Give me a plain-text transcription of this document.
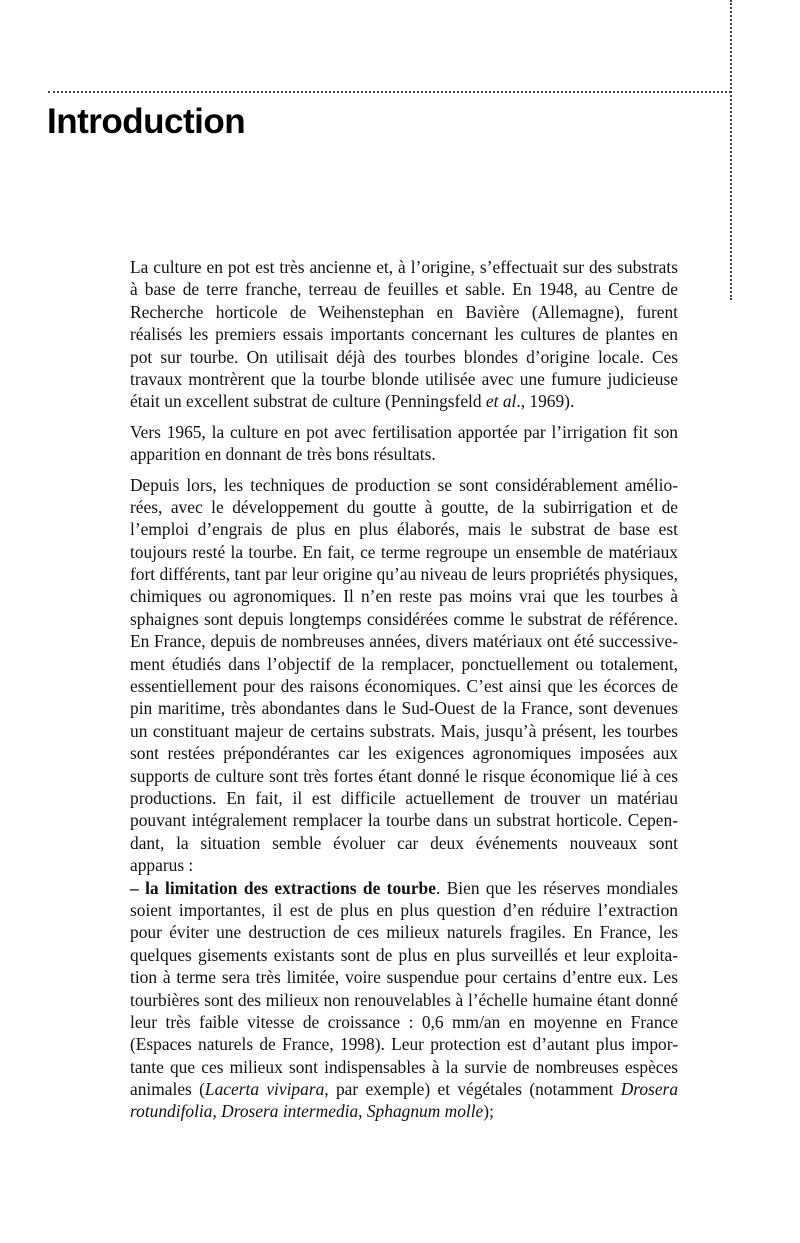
Introduction
La culture en pot est très ancienne et, à l’origine, s’effectuait sur des substrats
à base de terre franche, terreau de feuilles et sable. En 1948, au Centre de
Recherche horticole de Weihenstephan en Bavière (Allemagne), furent
réalisés les premiers essais importants concernant les cultures de plantes en
pot sur tourbe. On utilisait déjà des tourbes blondes d’origine locale. Ces
travaux montrèrent que la tourbe blonde utilisée avec une fumure judicieuse
était un excellent substrat de culture (Penningsfeld et al., 1969).
Vers 1965, la culture en pot avec fertilisation apportée par l’irrigation fit son
apparition en donnant de très bons résultats.
Depuis lors, les techniques de production se sont considérablement amélio-
rées, avec le développement du goutte à goutte, de la subirrigation et de
l’emploi d’engrais de plus en plus élaborés, mais le substrat de base est
toujours resté la tourbe. En fait, ce terme regroupe un ensemble de matériaux
fort différents, tant par leur origine qu’au niveau de leurs propriétés physiques,
chimiques ou agronomiques. Il n’en reste pas moins vrai que les tourbes à
sphaignes sont depuis longtemps considérées comme le substrat de référence.
En France, depuis de nombreuses années, divers matériaux ont été successive-
ment étudiés dans l’objectif de la remplacer, ponctuellement ou totalement,
essentiellement pour des raisons économiques. C’est ainsi que les écorces de
pin maritime, très abondantes dans le Sud-Ouest de la France, sont devenues
un constituant majeur de certains substrats. Mais, jusqu’à présent, les tourbes
sont restées prépondérantes car les exigences agronomiques imposées aux
supports de culture sont très fortes étant donné le risque économique lié à ces
productions. En fait, il est difficile actuellement de trouver un matériau
pouvant intégralement remplacer la tourbe dans un substrat horticole. Cepen-
dant, la situation semble évoluer car deux événements nouveaux sont
apparus :
– la limitation des extractions de tourbe. Bien que les réserves mondiales
soient importantes, il est de plus en plus question d’en réduire l’extraction
pour éviter une destruction de ces milieux naturels fragiles. En France, les
quelques gisements existants sont de plus en plus surveillés et leur exploita-
tion à terme sera très limitée, voire suspendue pour certains d’entre eux. Les
tourbières sont des milieux non renouvelables à l’échelle humaine étant donné
leur très faible vitesse de croissance : 0,6 mm/an en moyenne en France
(Espaces naturels de France, 1998). Leur protection est d’autant plus impor-
tante que ces milieux sont indispensables à la survie de nombreuses espèces
animales (Lacerta vivipara, par exemple) et végétales (notamment Drosera
rotundifolia, Drosera intermedia, Sphagnum molle);
